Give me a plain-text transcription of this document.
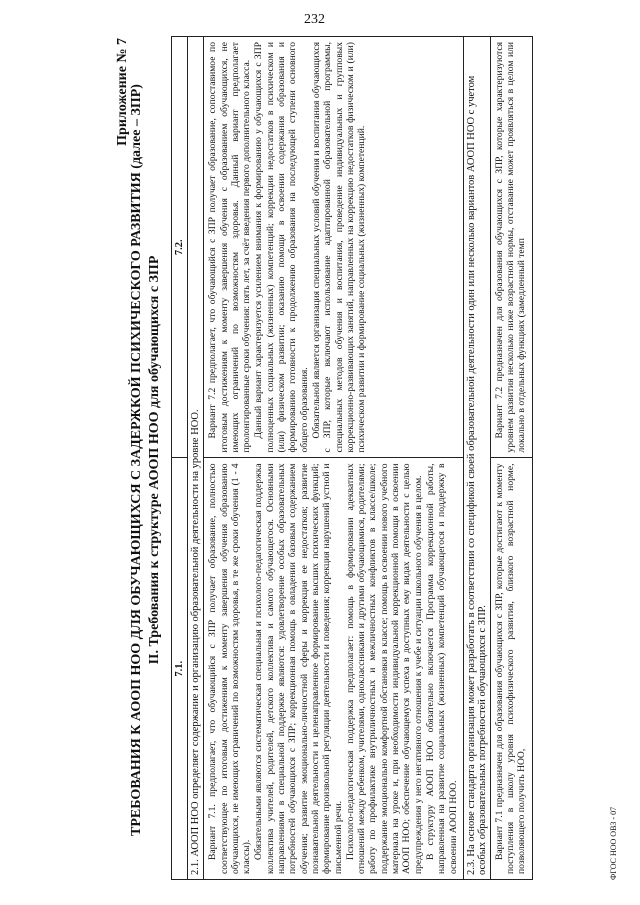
232
Приложение № 7 ТРЕБОВАНИЯ К АООП НОО ДЛЯ ОБУЧАЮЩИХСЯ С ЗАДЕРЖКОЙ ПСИХИЧЕСКОГО РАЗВИТИЯ (далее – ЗПР) II. Требования к структуре АООП НОО для обучающихся с ЗПР
7.1.
7.2.
2.1. АООП НОО определяет содержание и организацию образовательной деятельности на уровне НОО. Вариант 7.1. предполагает, что обучающийся с ЗПР получает образование, полностью соответствующее по итоговым достижениям к моменту завершения обучения образованию обучающихся, не имеющих ограничений по возможностям здоровья, в те же сроки обучения (1 - 4 классы). Обязательными являются систематическая специальная и психолого-педагогическая поддержка коллектива учителей, родителей, детского коллектива и самого обучающегося. Основными направлениями в специальной поддержке являются: удовлетворение особых образовательных потребностей обучающихся с ЗПР; коррекционная помощь в овладении базовым содержанием обучения; развитие эмоционально-личностной сферы и коррекция ее недостатков; развитие познавательной деятельности и целенаправленное формирование высших психических функций; формирование произвольной регуляции деятельности и поведения; коррекция нарушений устной и письменной речи. Психолого-педагогическая поддержка предполагает: помощь в формировании адекватных отношений между ребенком, учителями, одноклассниками и другими обучающимися, родителями; работу по профилактике внутриличностных и межличностных конфликтов в классе/школе; поддержание эмоционально комфортной обстановки в классе; помощь в освоении нового учебного материала на уроке и, при необходимости индивидуальной коррекционной помощи в освоении АООП НОО; обеспечение обучающемуся успеха в доступных ему видах деятельности с целью предупреждения у него негативного отношения к учебе и ситуации школьного обучения в целом. В структуру АООП НОО обязательно включается Программа коррекционной работы, направленная на развитие социальных (жизненных) компетенций обучающегося и поддержку в освоении АООП НОО.

Вариант 7.2 предполагает, что обучающийся с ЗПР получает образование, сопоставимое по итоговым достижениям к моменту завершения обучения с образованием обучающихся, не имеющих ограничений по возможностям здоровья. Данный вариант предполагает пролонгированные сроки обучения: пять лет, за счёт введения первого дополнительного класса. Данный вариант характеризуется усилением внимания к формированию у обучающихся с ЗПР полноценных социальных (жизненных) компетенций; коррекции недостатков в психическом и (или) физическом развитии; оказанию помощи в освоении содержания образования и формированию готовности к продолжению образования на последующей ступени основного общего образования. Обязательной является организация специальных условий обучения и воспитания обучающихся с ЗПР, которые включают использование адаптированной образовательной программы, специальных методов обучения и воспитания, проведение индивидуальных и групповых коррекционно-развивающих занятий, направленных на коррекцию недостатков физическом и (или) психическом развитии и формирование социальных (жизненных) компетенций.	2.3. На основе стандарта организация может разработать в соответствии со спецификой своей образовательной деятельности один или несколько вариантов АООП НОО с учетом особых образовательных потребностей обучающихся с ЗПР. Вариант 7.1 предназначен для образования обучающихся с ЗПР, которые достигают к моменту поступления в школу уровня психофизического развития, близкого возрастной норме, позволяющего получить НОО,

Вариант 7.2 предназначен для образования обучающихся с ЗПР, которые характеризуются уровнем развития несколько ниже возрастной нормы, отставание может проявляться в целом или локально в отдельных функциях (замедленный темп

ФГОС НОО ОВЗ - 07
